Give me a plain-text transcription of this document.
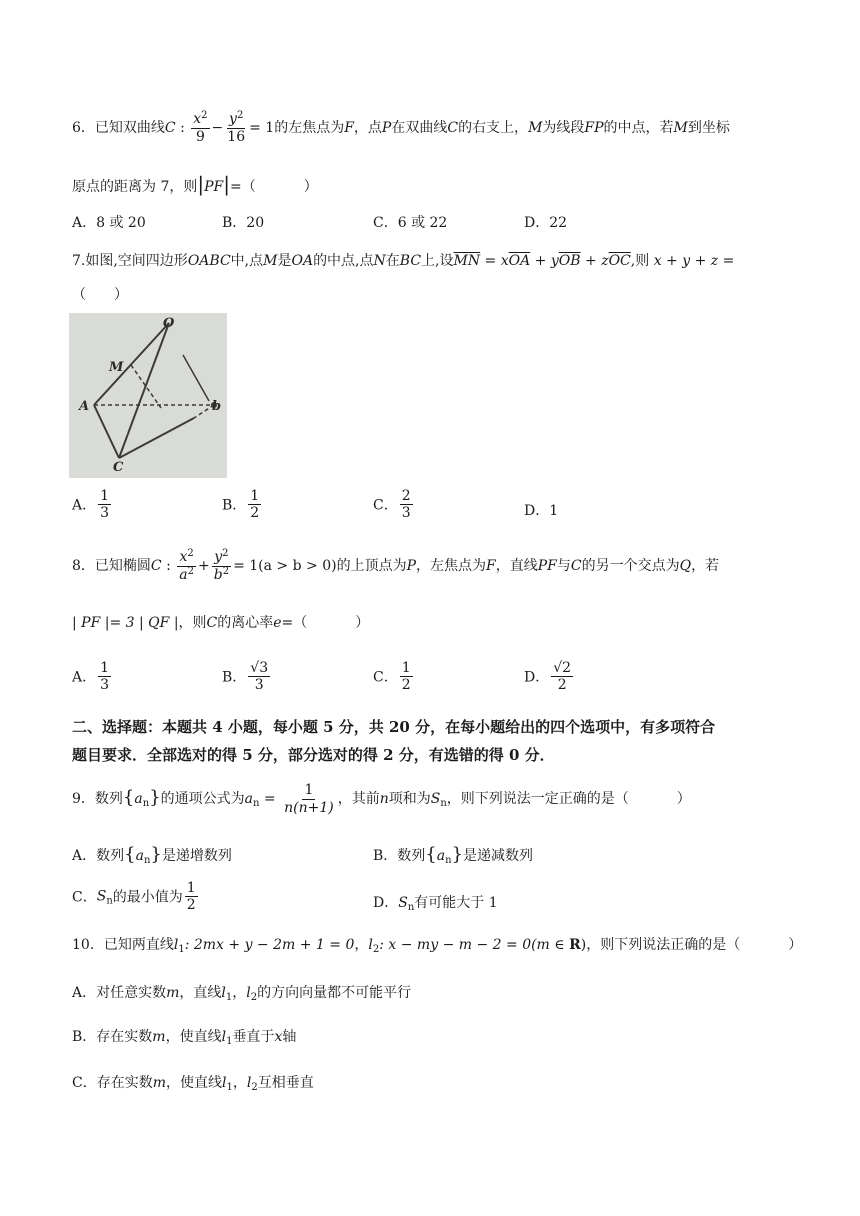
6．已知双曲线C : $\frac{x^2}{9} - \frac{y^2}{16} = 1$的左焦点为F，点P在双曲线C的右支上，M为线段FP的中点，若M到坐标
原点的距离为 7，则|PF|=（	）
A．8 或 20	B．20	C．6 或 22	D．22
7.如图,空间四边形OABC中,点M是OA的中点,点N在BC上,设$\overline{MN} = x\overline{OA} + y\overline{OB} + z\overline{OC}$,则 x + y + z =
（　　）
O
M
A	b
C
A． $\frac{1}{3}$	B． $\frac{1}{2}$	C． $\frac{2}{3}$	D．1
8．已知椭圆C : $\frac{x^2}{a^2} + \frac{y^2}{b^2} = 1(a > b > 0)$的上顶点为P，左焦点为F，直线PF与C的另一个交点为Q，若
| PF |= 3 | QF |，则C的离心率e=（	）
A． $\frac{1}{3}$	B． $\frac{√3}{3}$	C． $\frac{1}{2}$	D． $\frac{√2}{2}$
二、选择题：本题共 4 小题，每小题 5 分，共 20 分，在每小题给出的四个选项中，有多项符合
题目要求．全部选对的得 5 分，部分选对的得 2 分，有选错的得 0 分．
9．数列$\{a_n\}$的通项公式为$a_n = \frac{1}{n(n+1)}$ ，其前n项和为$S_n$，则下列说法一定正确的是（	）
A．数列$\{a_n\}$是递增数列	B．数列$\{a_n\}$是递减数列
C．$S_n$的最小值为 $\frac{1}{2}$	D．$S_n$有可能大于 1
10．已知两直线$l_1$: 2mx + y − 2m + 1 = 0，$l_2$: x − my − m − 2 = 0(m ∈ R)，则下列说法正确的是（	）
A．对任意实数m，直线$l_1$，$l_2$的方向向量都不可能平行
B．存在实数m，使直线$l_1$垂直于x轴
C．存在实数m，使直线$l_1$，$l_2$互相垂直
